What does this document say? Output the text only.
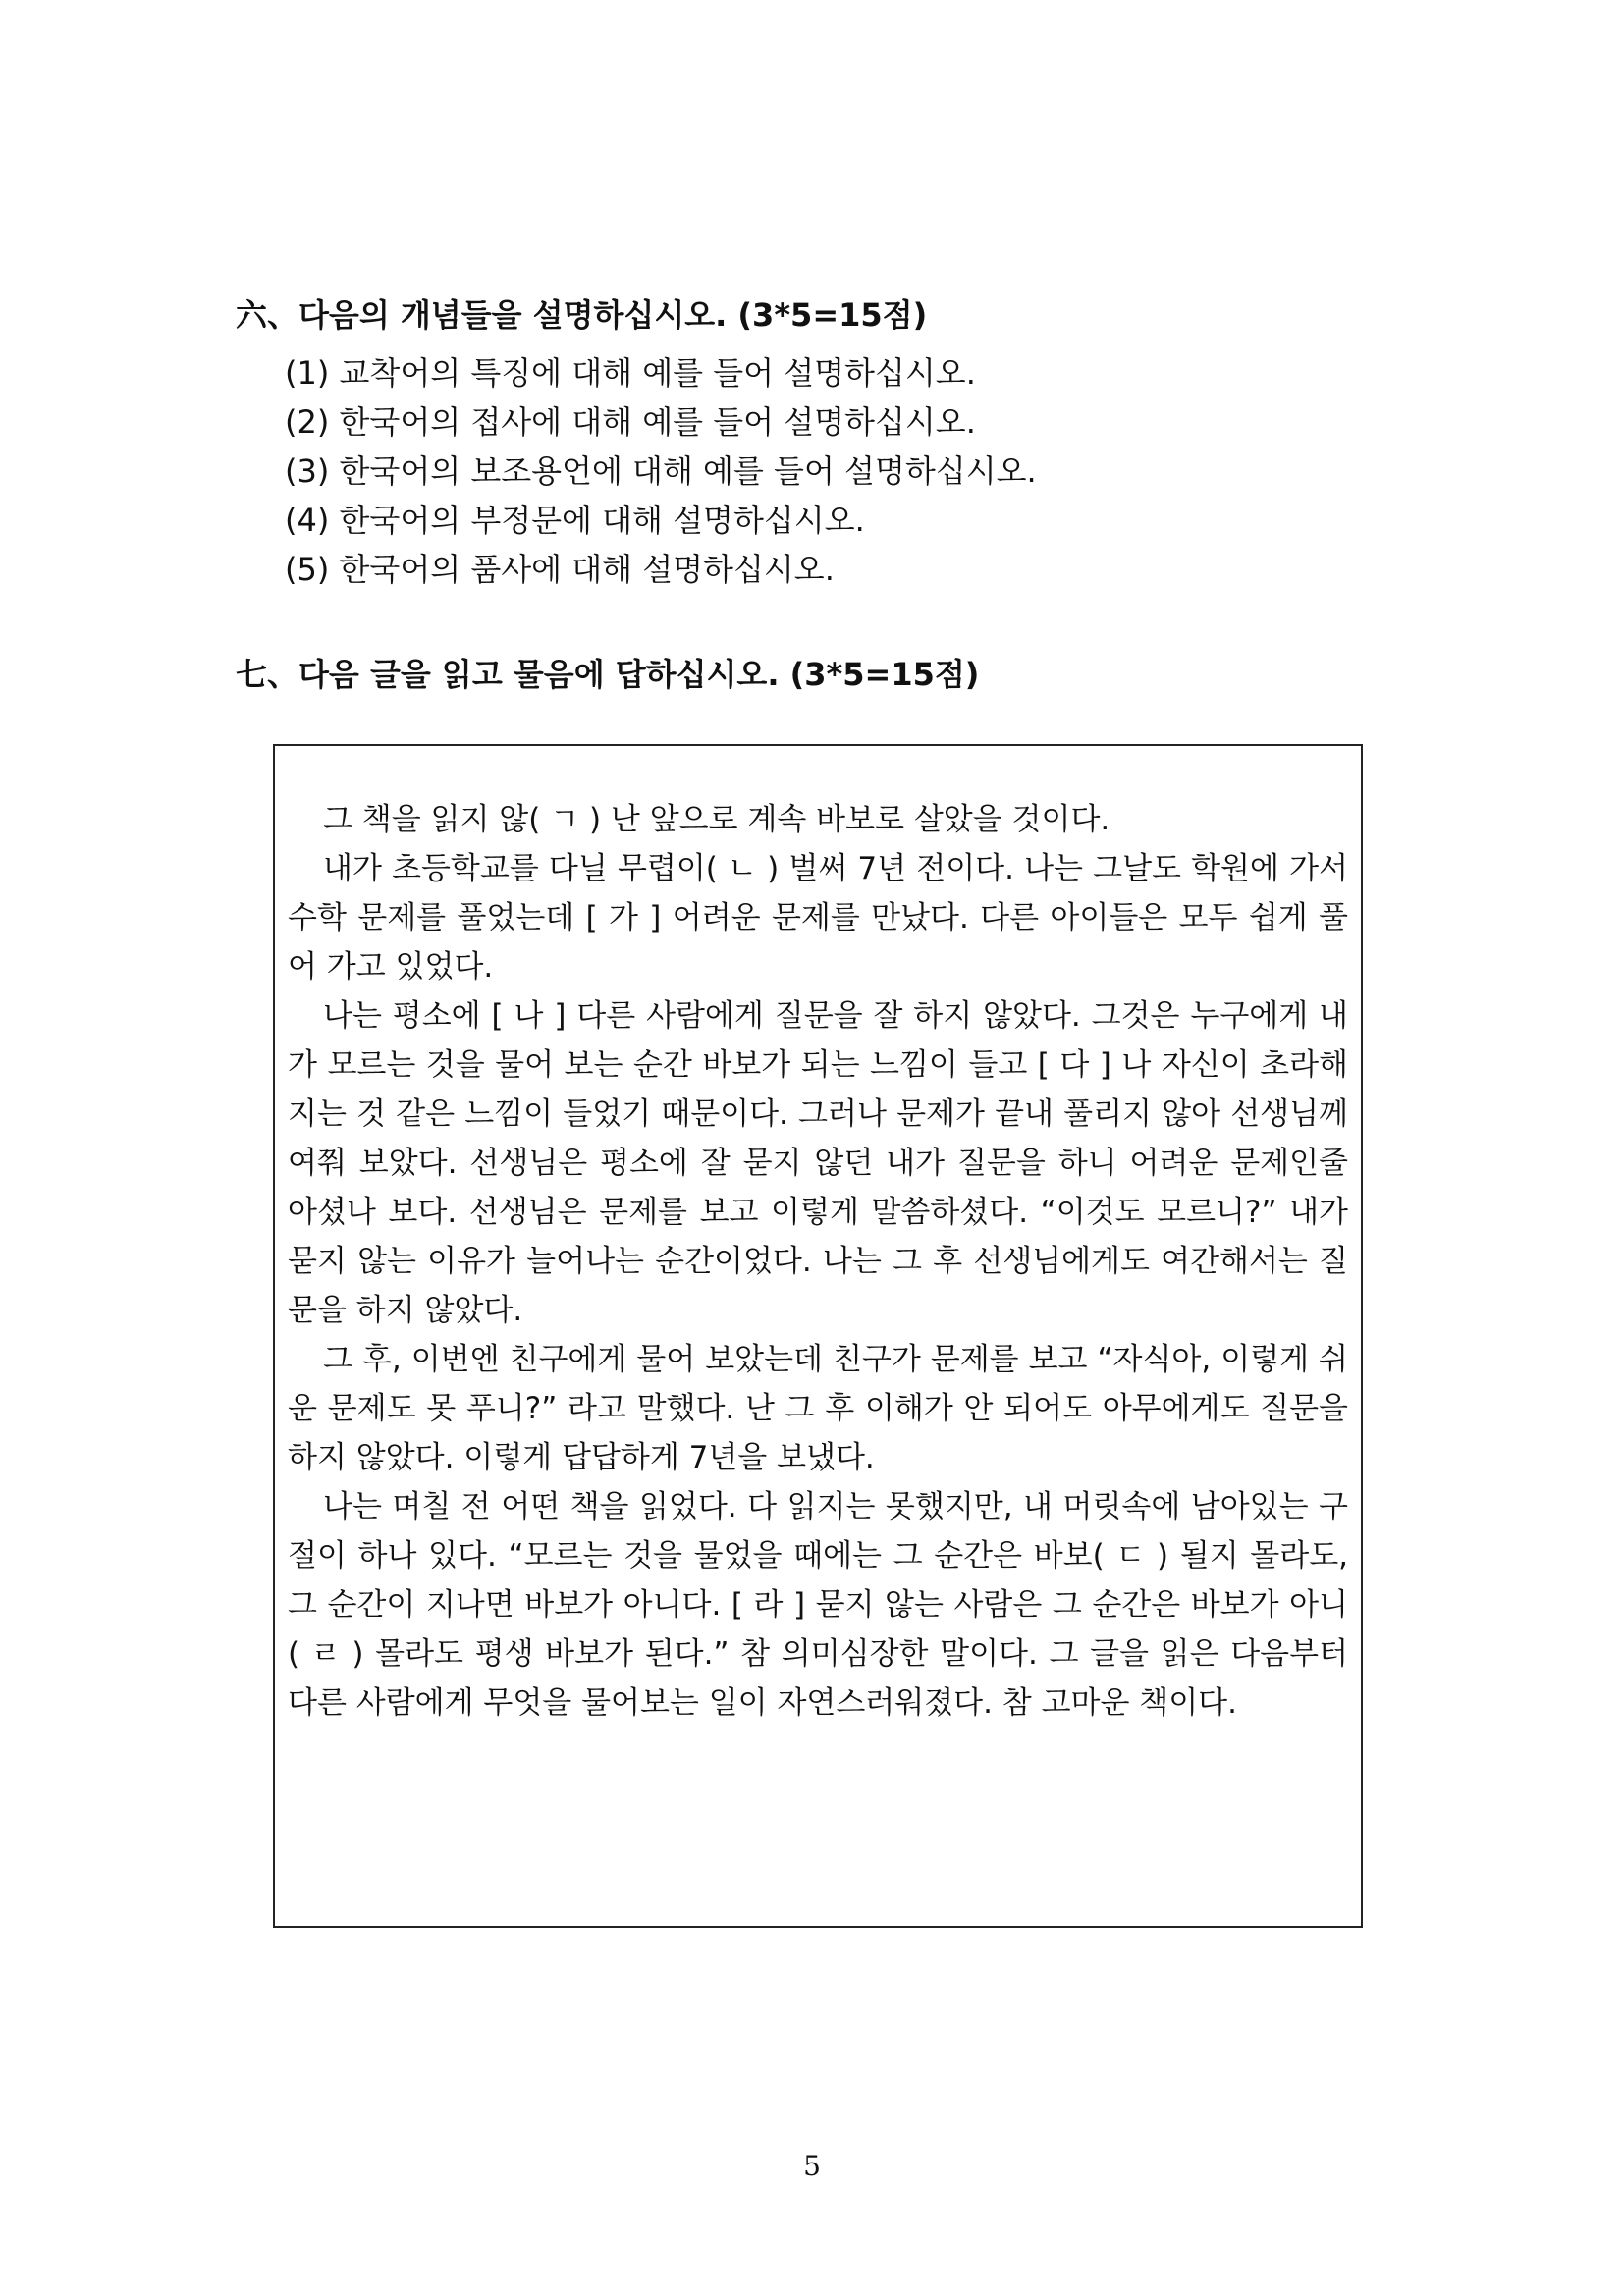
六、다음의 개념들을 설명하십시오. (3*5=15점)
(1) 교착어의 특징에 대해 예를 들어 설명하십시오.
(2) 한국어의 접사에 대해 예를 들어 설명하십시오.
(3) 한국어의 보조용언에 대해 예를 들어 설명하십시오.
(4) 한국어의 부정문에 대해 설명하십시오.
(5) 한국어의 품사에 대해 설명하십시오.
七、다음 글을 읽고 물음에 답하십시오. (3*5=15점)

그 책을 읽지 않( ㄱ ) 난 앞으로 계속 바보로 살았을 것이다.

내가 초등학교를 다닐 무렵이( ㄴ ) 벌써 7년 전이다. 나는 그날도 학원에 가서 수학 문제를 풀었는데 [ 가 ] 어려운 문제를 만났다. 다른 아이들은 모두 쉽게 풀어 가고 있었다.

나는 평소에 [ 나 ] 다른 사람에게 질문을 잘 하지 않았다. 그것은 누구에게 내가 모르는 것을 물어 보는 순간 바보가 되는 느낌이 들고 [ 다 ] 나 자신이 초라해지는 것 같은 느낌이 들었기 때문이다. 그러나 문제가 끝내 풀리지 않아 선생님께 여쭤 보았다. 선생님은 평소에 잘 묻지 않던 내가 질문을 하니 어려운 문제인줄 아셨나 보다. 선생님은 문제를 보고 이렇게 말씀하셨다. “이것도 모르니?” 내가 묻지 않는 이유가 늘어나는 순간이었다. 나는 그 후 선생님에게도 여간해서는 질문을 하지 않았다.

그 후, 이번엔 친구에게 물어 보았는데 친구가 문제를 보고 “자식아, 이렇게 쉬운 문제도 못 푸니?” 라고 말했다. 난 그 후 이해가 안 되어도 아무에게도 질문을 하지 않았다. 이렇게 답답하게 7년을 보냈다.

나는 며칠 전 어떤 책을 읽었다. 다 읽지는 못했지만, 내 머릿속에 남아있는 구절이 하나 있다. “모르는 것을 물었을 때에는 그 순간은 바보( ㄷ ) 될지 몰라도, 그 순간이 지나면 바보가 아니다. [ 라 ] 묻지 않는 사람은 그 순간은 바보가 아니( ㄹ ) 몰라도 평생 바보가 된다.” 참 의미심장한 말이다. 그 글을 읽은 다음부터 다른 사람에게 무엇을 물어보는 일이 자연스러워졌다. 참 고마운 책이다.

5
